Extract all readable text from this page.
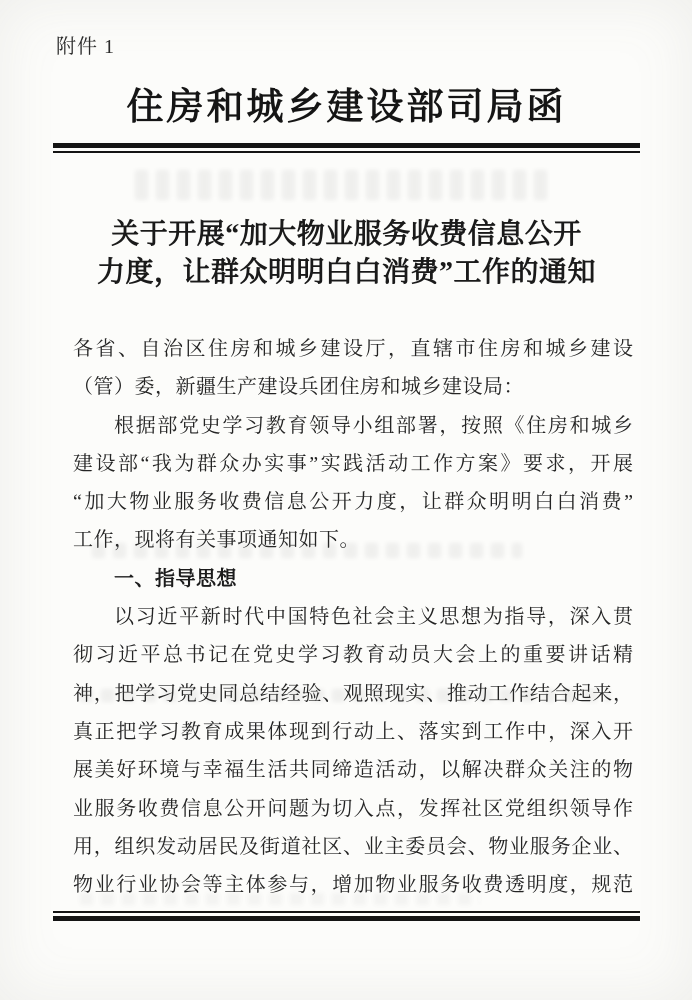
附件 1
住房和城乡建设部司局函
关于开展“加大物业服务收费信息公开
力度，让群众明明白白消费”工作的通知
各省、自治区住房和城乡建设厅，直辖市住房和城乡建设
（管）委，新疆生产建设兵团住房和城乡建设局：
根据部党史学习教育领导小组部署，按照《住房和城乡
建设部“我为群众办实事”实践活动工作方案》要求，开展
“加大物业服务收费信息公开力度，让群众明明白白消费”
工作，现将有关事项通知如下。
一、指导思想
以习近平新时代中国特色社会主义思想为指导，深入贯
彻习近平总书记在党史学习教育动员大会上的重要讲话精
神，把学习党史同总结经验、观照现实、推动工作结合起来，
真正把学习教育成果体现到行动上、落实到工作中，深入开
展美好环境与幸福生活共同缔造活动，以解决群众关注的物
业服务收费信息公开问题为切入点，发挥社区党组织领导作
用，组织发动居民及街道社区、业主委员会、物业服务企业、
物业行业协会等主体参与，增加物业服务收费透明度，规范
